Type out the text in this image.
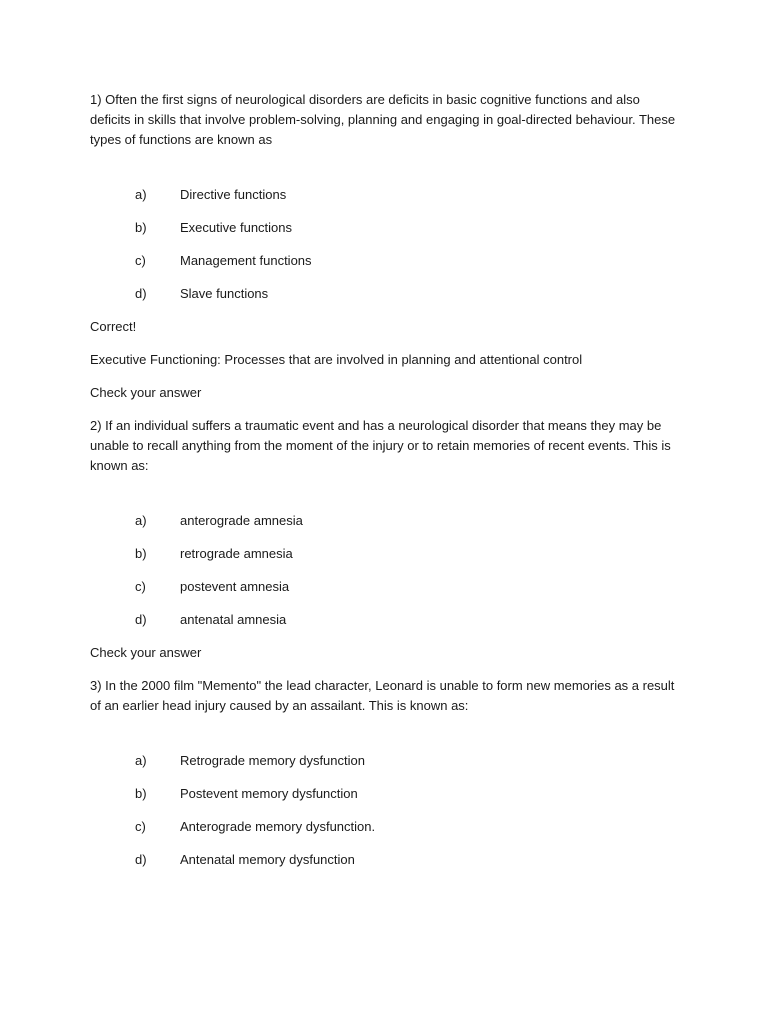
1) Often the first signs of neurological disorders are deficits in basic cognitive functions and also deficits in skills that involve problem-solving, planning and engaging in goal-directed behaviour. These types of functions are known as

a)	Directive functions
b)	Executive functions
c)	Management functions
d)	Slave functions
Correct!
Executive Functioning: Processes that are involved in planning and attentional control
Check your answer

2) If an individual suffers a traumatic event and has a neurological disorder that means they may be unable to recall anything from the moment of the injury or to retain memories of recent events. This is known as:

a)	anterograde amnesia
b)	retrograde amnesia
c)	postevent amnesia
d)	antenatal amnesia
Check your answer

3) In the 2000 film "Memento" the lead character, Leonard is unable to form new memories as a result of an earlier head injury caused by an assailant. This is known as:

a)	Retrograde memory dysfunction
b)	Postevent memory dysfunction
c)	Anterograde memory dysfunction.
d)	Antenatal memory dysfunction
